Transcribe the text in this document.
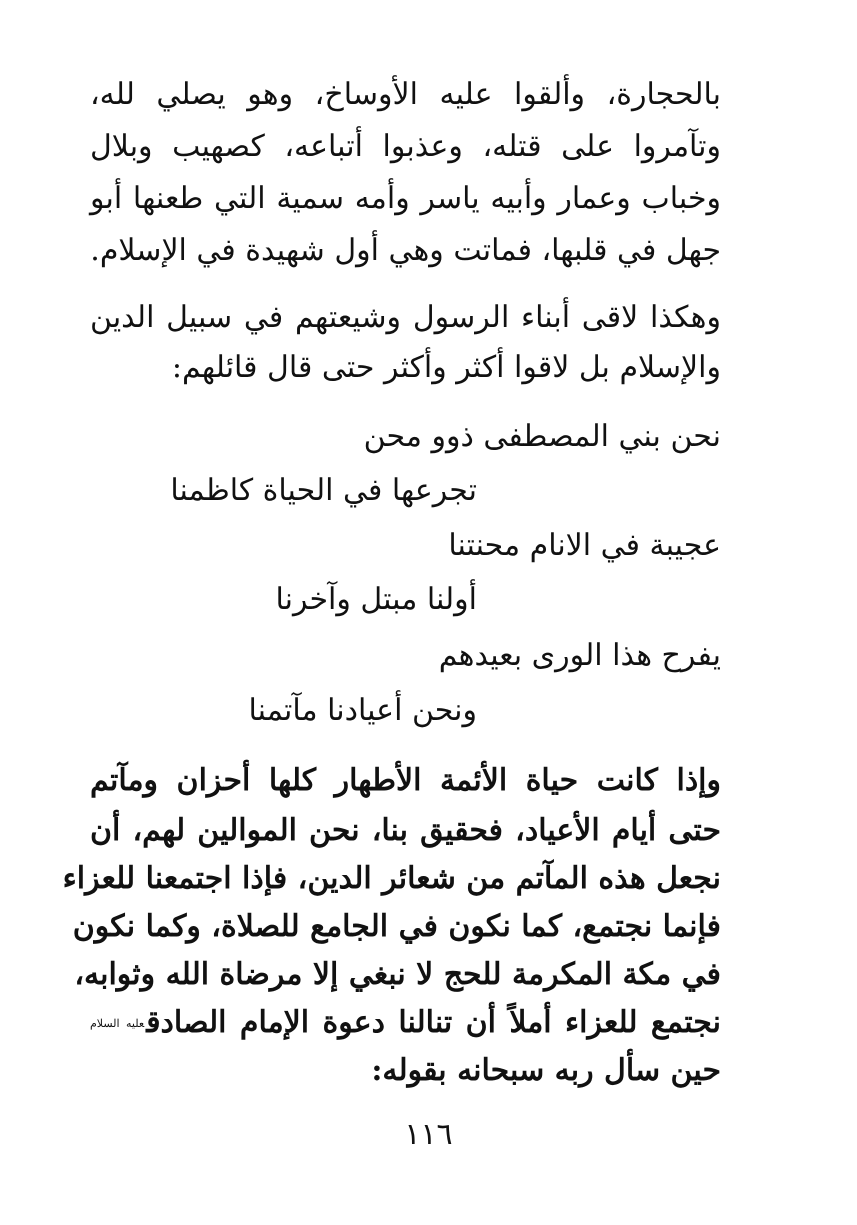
بالحجارة، وألقوا عليه الأوساخ، وهو يصلي لله،
وتآمروا على قتله، وعذبوا أتباعه، كصهيب وبلال
وخباب وعمار وأبيه ياسر وأمه سمية التي طعنها أبو
جهل في قلبها، فماتت وهي أول شهيدة في الإسلام.
وهكذا لاقى أبناء الرسول وشيعتهم في سبيل الدين
والإسلام بل لاقوا أكثر وأكثر حتى قال قائلهم:
نحن بني المصطفى ذوو محن
تجرعها في الحياة كاظمنا
عجيبة في الانام محنتنا
أولنا مبتل وآخرنا
يفرح هذا الورى بعيدهم
ونحن أعيادنا مآتمنا
وإذا كانت حياة الأئمة الأطهار كلها أحزان ومآتم
حتى أيام الأعياد، فحقيق بنا، نحن الموالين لهم، أن
نجعل هذه المآتم من شعائر الدين، فإذا اجتمعنا للعزاء
فإنما نجتمع، كما نكون في الجامع للصلاة، وكما نكون
في مكة المكرمة للحج لا نبغي إلا مرضاة الله وثوابه،
نجتمع للعزاء أملاً أن تنالنا دعوة الإمام الصادقعليه السلام
حين سأل ربه سبحانه بقوله:
١١٦
